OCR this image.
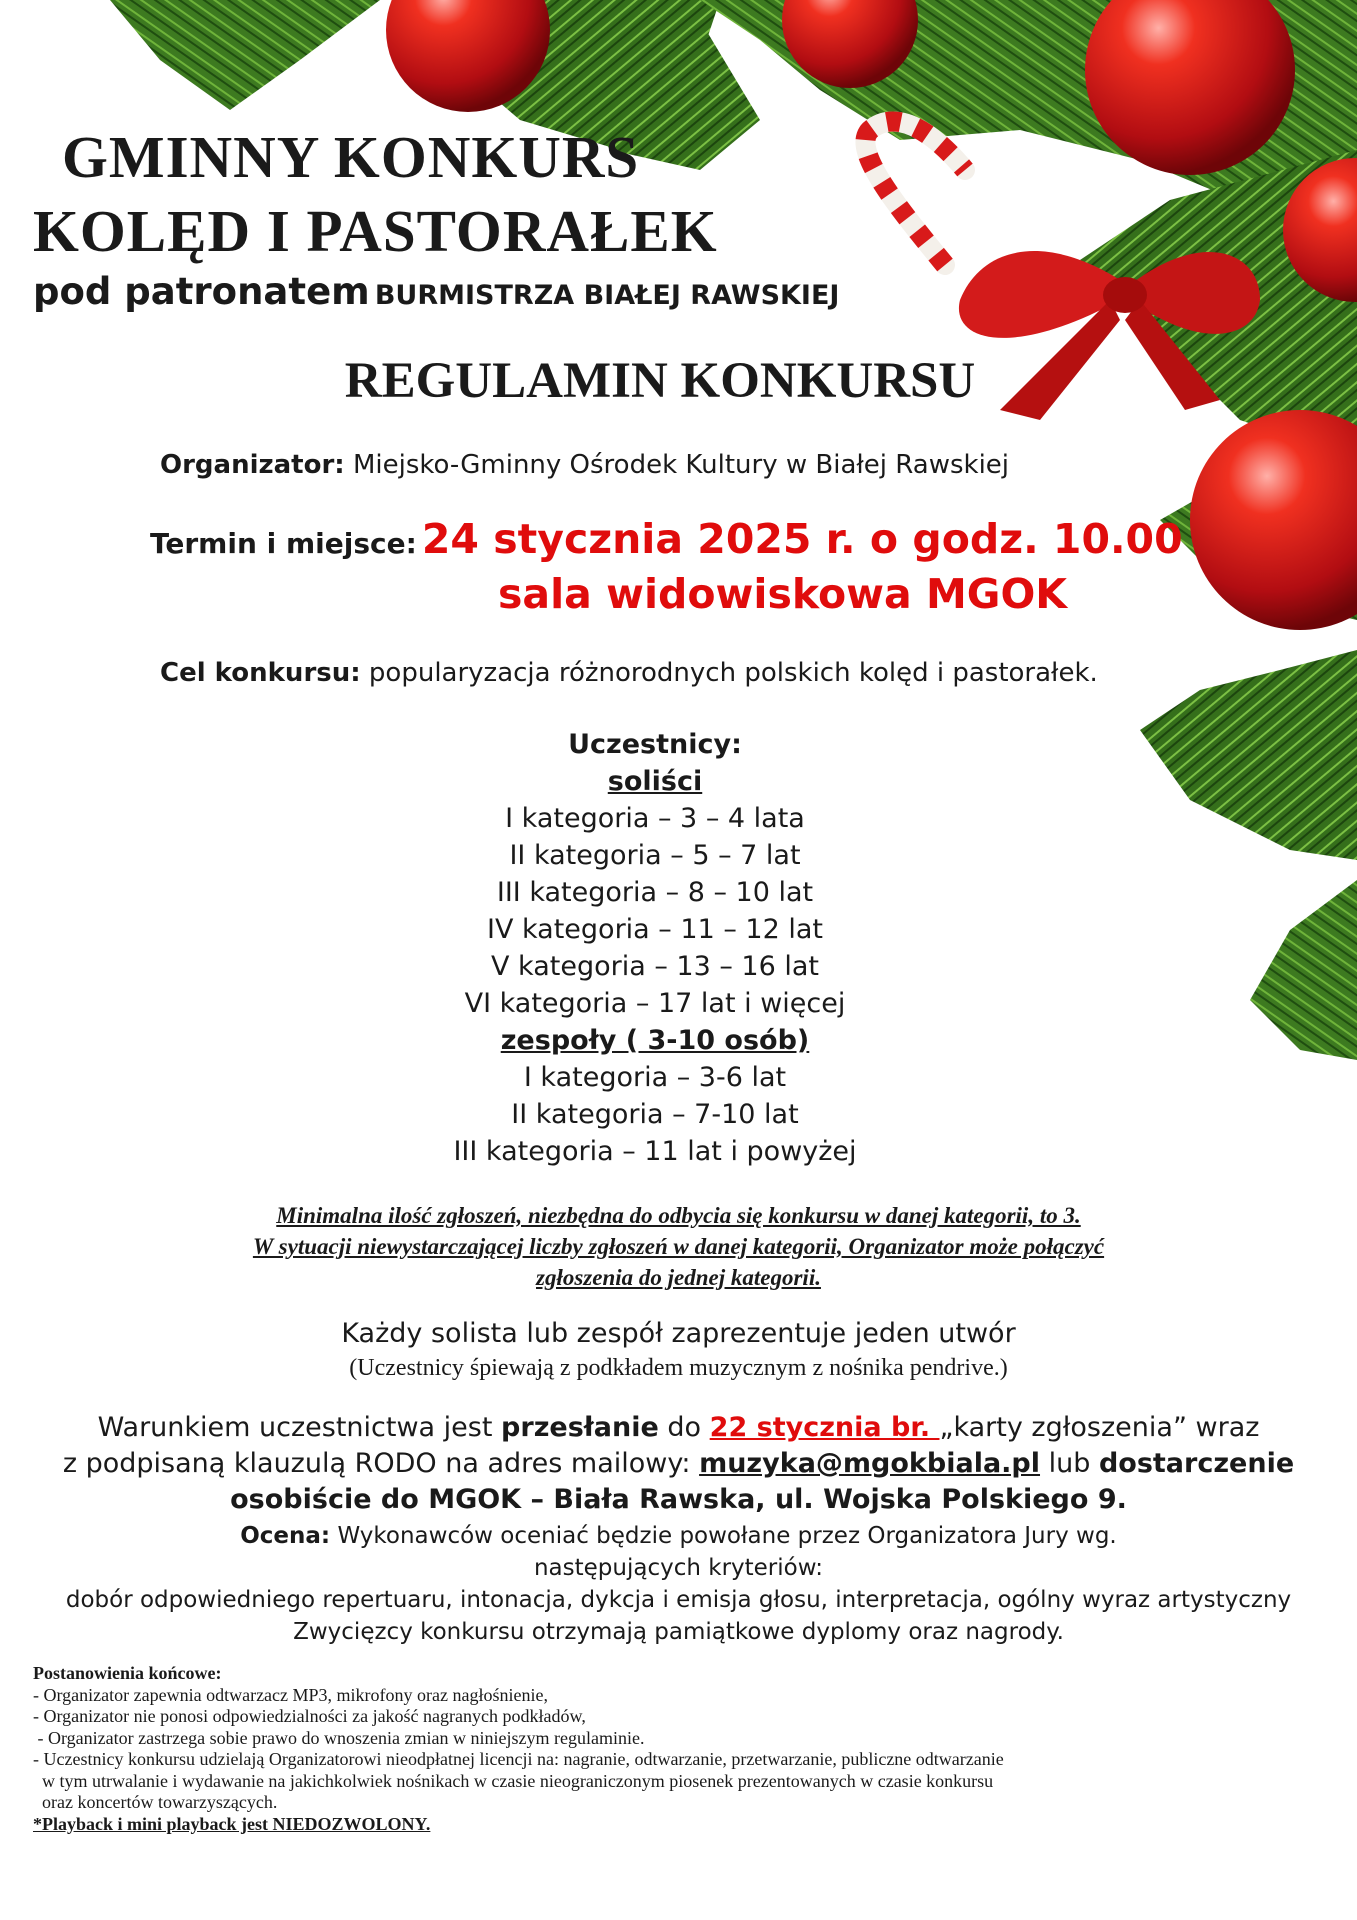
GMINNY KONKURS
KOLĘD I PASTORAŁEK
pod patronatem BURMISTRZA BIAŁEJ RAWSKIEJ
REGULAMIN KONKURSU
Organizator: Miejsko-Gminny Ośrodek Kultury w Białej Rawskiej
Termin i miejsce: 24 stycznia 2025 r. o godz. 10.00
sala widowiskowa MGOK
Cel konkursu: popularyzacja różnorodnych polskich kolęd i pastorałek.
Uczestnicy:
soliści
I kategoria – 3 – 4 lata
II kategoria – 5 – 7 lat
III kategoria – 8 – 10 lat
IV kategoria – 11 – 12 lat
V kategoria – 13 – 16 lat
VI kategoria – 17 lat i więcej
zespoły ( 3-10 osób)
I kategoria – 3-6 lat
II kategoria – 7-10 lat
III kategoria – 11 lat i powyżej
Minimalna ilość zgłoszeń, niezbędna do odbycia się konkursu w danej kategorii, to 3.
W sytuacji niewystarczającej liczby zgłoszeń w danej kategorii, Organizator może połączyć
zgłoszenia do jednej kategorii.
Każdy solista lub zespół zaprezentuje jeden utwór
(Uczestnicy śpiewają z podkładem muzycznym z nośnika pendrive.)
Warunkiem uczestnictwa jest przesłanie do 22 stycznia br. „karty zgłoszenia” wraz
z podpisaną klauzulą RODO na adres mailowy: muzyka@mgokbiala.pl lub dostarczenie
osobiście do MGOK – Biała Rawska, ul. Wojska Polskiego 9.
Ocena: Wykonawców oceniać będzie powołane przez Organizatora Jury wg.
następujących kryteriów:
dobór odpowiedniego repertuaru, intonacja, dykcja i emisja głosu, interpretacja, ogólny wyraz artystyczny
Zwycięzcy konkursu otrzymają pamiątkowe dyplomy oraz nagrody.
Postanowienia końcowe:
- Organizator zapewnia odtwarzacz MP3, mikrofony oraz nagłośnienie,
- Organizator nie ponosi odpowiedzialności za jakość nagranych podkładów,
- Organizator zastrzega sobie prawo do wnoszenia zmian w niniejszym regulaminie.
- Uczestnicy konkursu udzielają Organizatorowi nieodpłatnej licencji na: nagranie, odtwarzanie, przetwarzanie, publiczne odtwarzanie
w tym utrwalanie i wydawanie na jakichkolwiek nośnikach w czasie nieograniczonym piosenek prezentowanych w czasie konkursu
oraz koncertów towarzyszących.
*Playback i mini playback jest NIEDOZWOLONY.
